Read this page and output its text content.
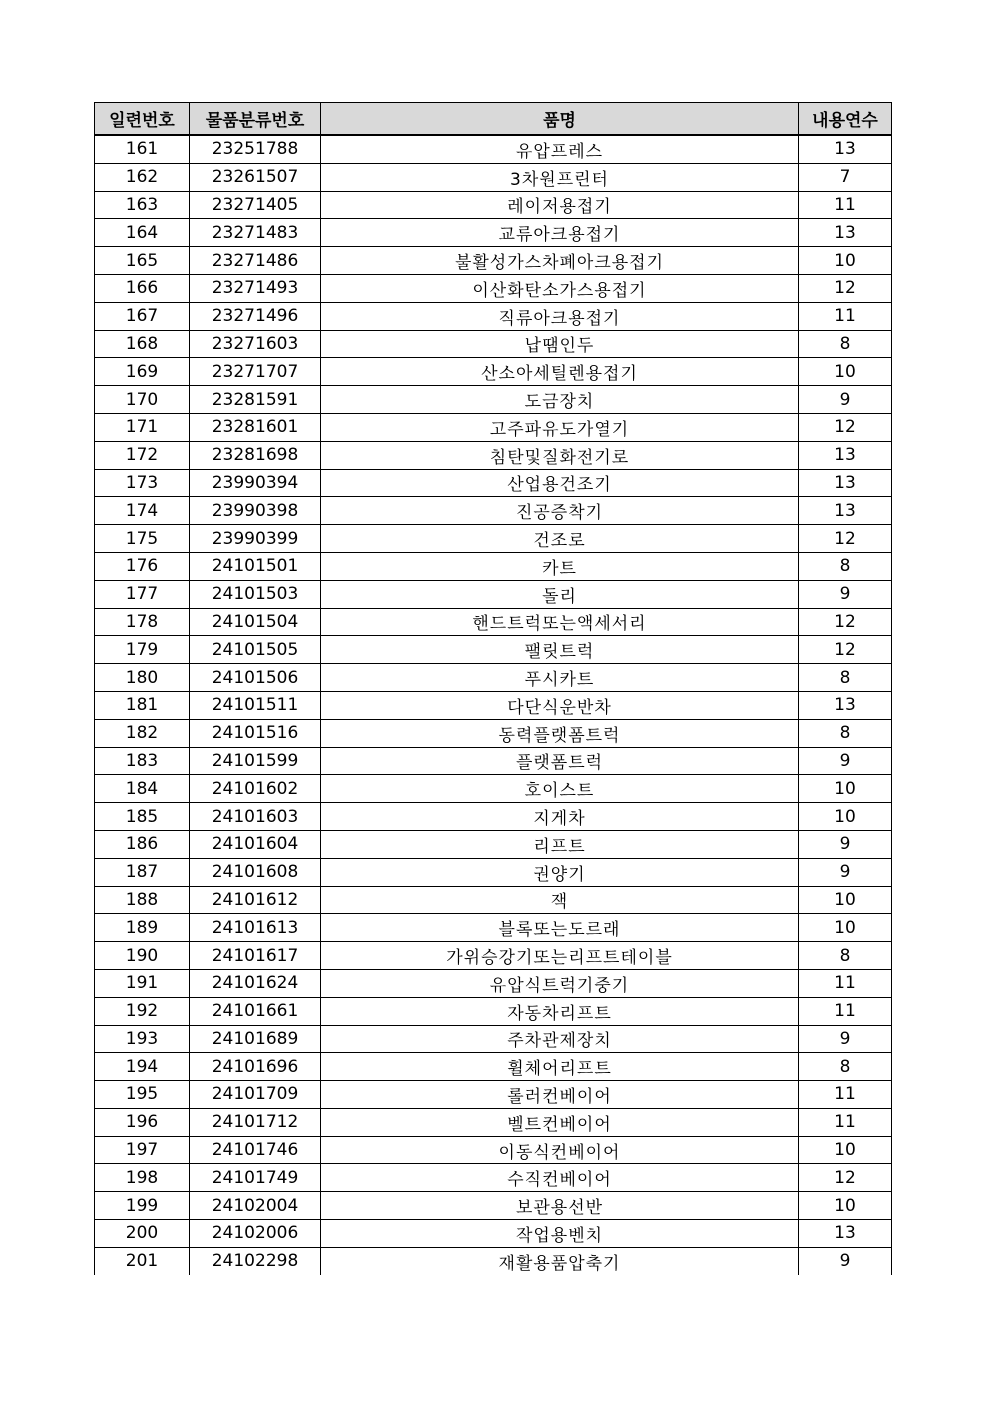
일련번호	물품분류번호	품명	내용연수
161	23251788	유압프레스	13
162	23261507	3차원프린터	7
163	23271405	레이저용접기	11
164	23271483	교류아크용접기	13
165	23271486	불활성가스차폐아크용접기	10
166	23271493	이산화탄소가스용접기	12
167	23271496	직류아크용접기	11
168	23271603	납땜인두	8
169	23271707	산소아세틸렌용접기	10
170	23281591	도금장치	9
171	23281601	고주파유도가열기	12
172	23281698	침탄및질화전기로	13
173	23990394	산업용건조기	13
174	23990398	진공증착기	13
175	23990399	건조로	12
176	24101501	카트	8
177	24101503	돌리	9
178	24101504	핸드트럭또는액세서리	12
179	24101505	팰릿트럭	12
180	24101506	푸시카트	8
181	24101511	다단식운반차	13
182	24101516	동력플랫폼트럭	8
183	24101599	플랫폼트럭	9
184	24101602	호이스트	10
185	24101603	지게차	10
186	24101604	리프트	9
187	24101608	권양기	9
188	24101612	잭	10
189	24101613	블록또는도르래	10
190	24101617	가위승강기또는리프트테이블	8
191	24101624	유압식트럭기중기	11
192	24101661	자동차리프트	11
193	24101689	주차관제장치	9
194	24101696	휠체어리프트	8
195	24101709	롤러컨베이어	11
196	24101712	벨트컨베이어	11
197	24101746	이동식컨베이어	10
198	24101749	수직컨베이어	12
199	24102004	보관용선반	10
200	24102006	작업용벤치	13
201	24102298	재활용품압축기	9
